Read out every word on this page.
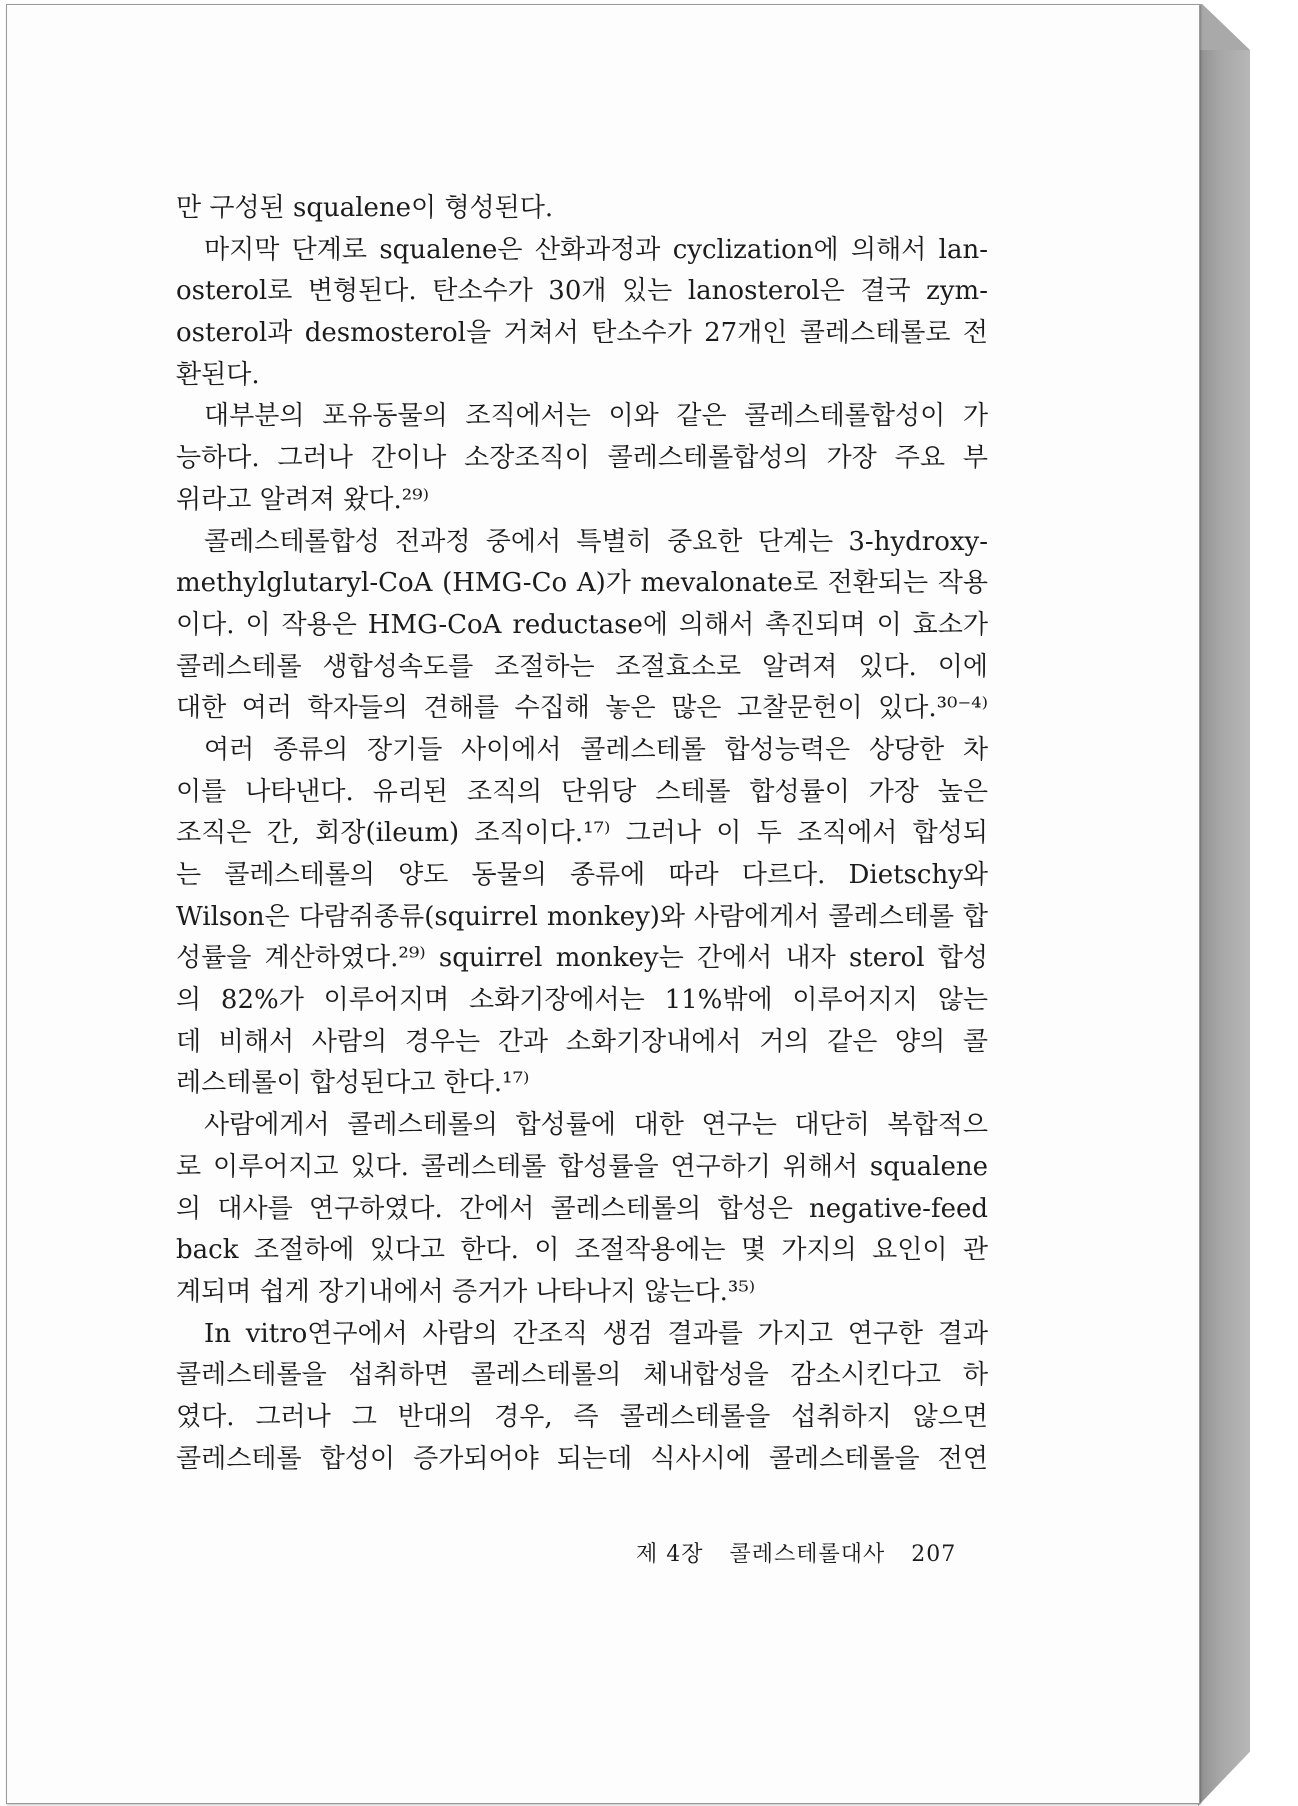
만 구성된 squalene이 형성된다.
마지막 단계로 squalene은 산화과정과 cyclization에 의해서 lan-
osterol로 변형된다. 탄소수가 30개 있는 lanosterol은 결국 zym-
osterol과 desmosterol을 거쳐서 탄소수가 27개인 콜레스테롤로 전
환된다.
대부분의 포유동물의 조직에서는 이와 같은 콜레스테롤합성이 가
능하다. 그러나 간이나 소장조직이 콜레스테롤합성의 가장 주요 부
위라고 알려져 왔다.²⁹⁾
콜레스테롤합성 전과정 중에서 특별히 중요한 단계는 3-hydroxy-
methylglutaryl-CoA (HMG-Co A)가 mevalonate로 전환되는 작용
이다. 이 작용은 HMG-CoA reductase에 의해서 촉진되며 이 효소가
콜레스테롤 생합성속도를 조절하는 조절효소로 알려져 있다. 이에
대한 여러 학자들의 견해를 수집해 놓은 많은 고찰문헌이 있다.³⁰⁻⁴⁾
여러 종류의 장기들 사이에서 콜레스테롤 합성능력은 상당한 차
이를 나타낸다. 유리된 조직의 단위당 스테롤 합성률이 가장 높은
조직은 간, 회장(ileum) 조직이다.¹⁷⁾ 그러나 이 두 조직에서 합성되
는 콜레스테롤의 양도 동물의 종류에 따라 다르다. Dietschy와
Wilson은 다람쥐종류(squirrel monkey)와 사람에게서 콜레스테롤 합
성률을 계산하였다.²⁹⁾ squirrel monkey는 간에서 내자 sterol 합성
의 82%가 이루어지며 소화기장에서는 11%밖에 이루어지지 않는
데 비해서 사람의 경우는 간과 소화기장내에서 거의 같은 양의 콜
레스테롤이 합성된다고 한다.¹⁷⁾
사람에게서 콜레스테롤의 합성률에 대한 연구는 대단히 복합적으
로 이루어지고 있다. 콜레스테롤 합성률을 연구하기 위해서 squalene
의 대사를 연구하였다. 간에서 콜레스테롤의 합성은 negative-feed
back 조절하에 있다고 한다. 이 조절작용에는 몇 가지의 요인이 관
계되며 쉽게 장기내에서 증거가 나타나지 않는다.³⁵⁾
In vitro연구에서 사람의 간조직 생검 결과를 가지고 연구한 결과
콜레스테롤을 섭취하면 콜레스테롤의 체내합성을 감소시킨다고 하
였다. 그러나 그 반대의 경우, 즉 콜레스테롤을 섭취하지 않으면
콜레스테롤 합성이 증가되어야 되는데 식사시에 콜레스테롤을 전연
제 4장 콜레스테롤대사 207
